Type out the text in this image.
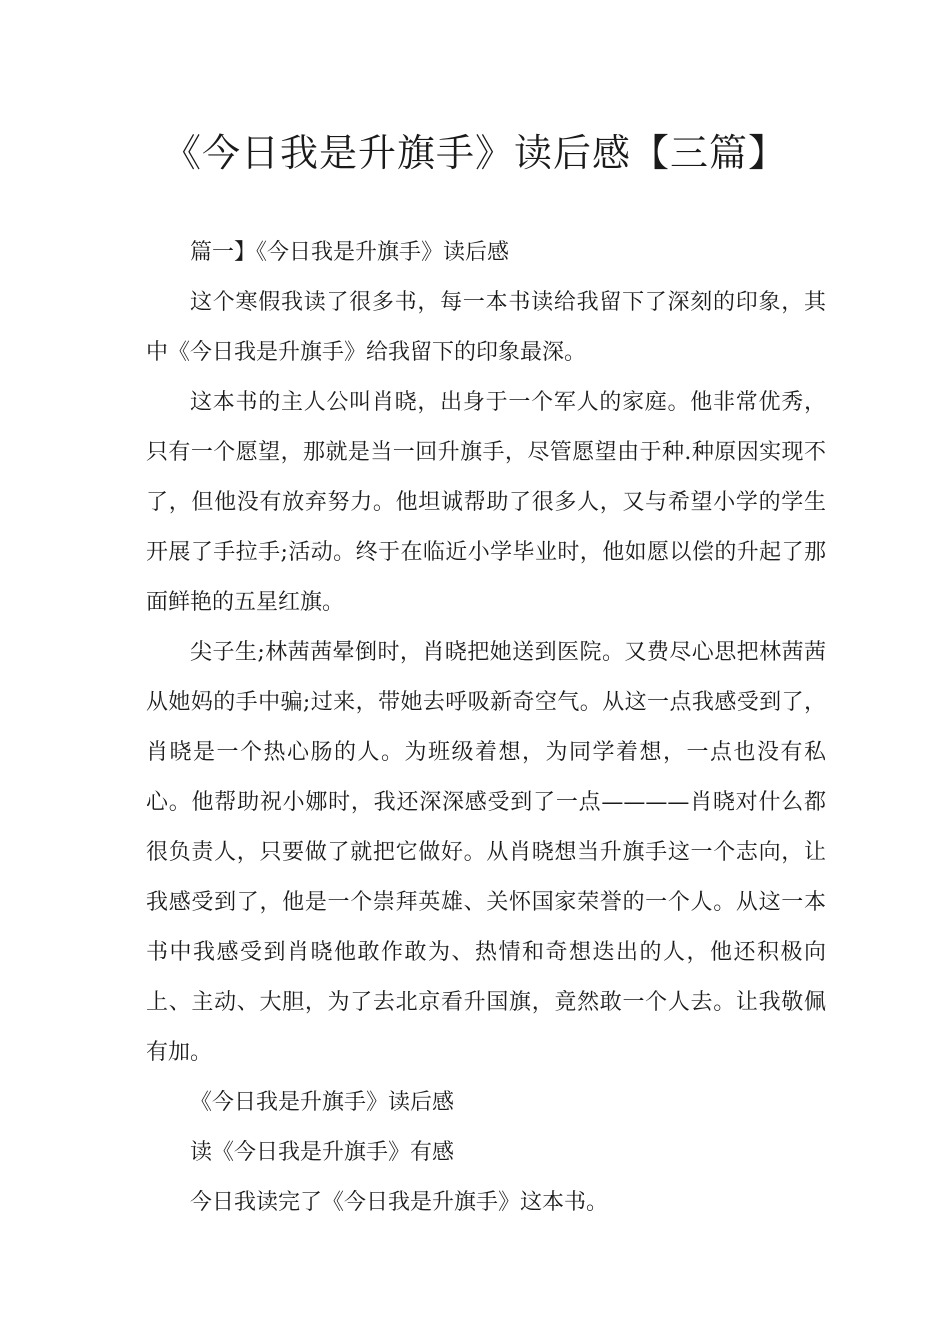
《今日我是升旗手》读后感【三篇】

篇一】《今日我是升旗手》读后感

这个寒假我读了很多书，每一本书读给我留下了深刻的印象，其中《今日我是升旗手》给我留下的印象最深。

这本书的主人公叫肖晓，出身于一个军人的家庭。他非常优秀，只有一个愿望，那就是当一回升旗手，尽管愿望由于种.种原因实现不了，但他没有放弃努力。他坦诚帮助了很多人，又与希望小学的学生开展了手拉手;活动。终于在临近小学毕业时，他如愿以偿的升起了那面鲜艳的五星红旗。

尖子生;林茜茜晕倒时，肖晓把她送到医院。又费尽心思把林茜茜从她妈的手中骗;过来，带她去呼吸新奇空气。从这一点我感受到了，肖晓是一个热心肠的人。为班级着想，为同学着想，一点也没有私心。他帮助祝小娜时，我还深深感受到了一点————肖晓对什么都很负责人，只要做了就把它做好。从肖晓想当升旗手这一个志向，让我感受到了，他是一个崇拜英雄、关怀国家荣誉的一个人。从这一本书中我感受到肖晓他敢作敢为、热情和奇想迭出的人，他还积极向上、主动、大胆，为了去北京看升国旗，竟然敢一个人去。让我敬佩有加。

《今日我是升旗手》读后感

读《今日我是升旗手》有感

今日我读完了《今日我是升旗手》这本书。
